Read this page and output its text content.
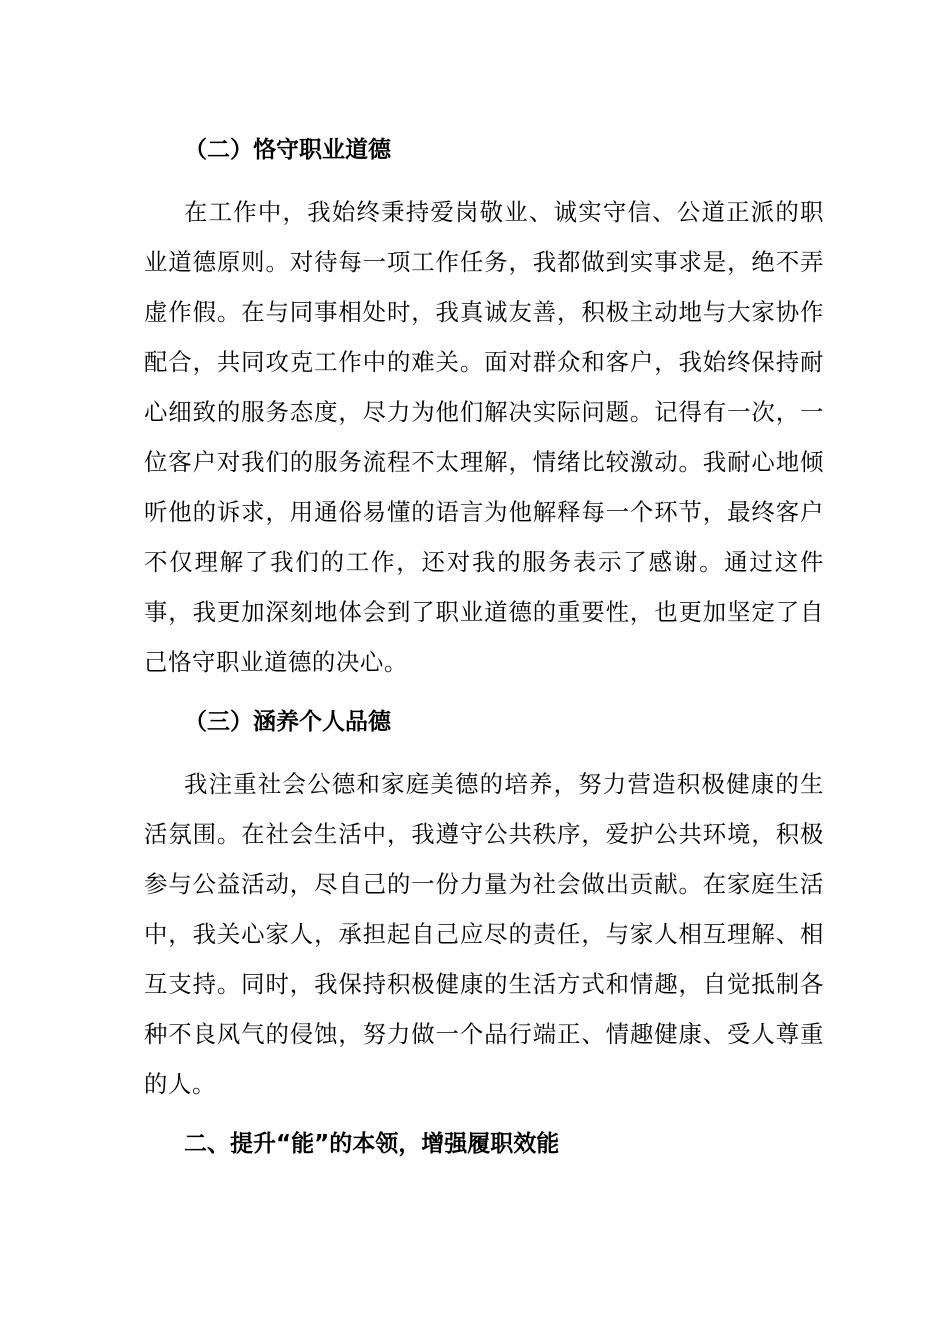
（二）恪守职业道德

在工作中，我始终秉持爱岗敬业、诚实守信、公道正派的职业道德原则。对待每一项工作任务，我都做到实事求是，绝不弄虚作假。在与同事相处时，我真诚友善，积极主动地与大家协作配合，共同攻克工作中的难关。面对群众和客户，我始终保持耐心细致的服务态度，尽力为他们解决实际问题。记得有一次，一位客户对我们的服务流程不太理解，情绪比较激动。我耐心地倾听他的诉求，用通俗易懂的语言为他解释每一个环节，最终客户不仅理解了我们的工作，还对我的服务表示了感谢。通过这件事，我更加深刻地体会到了职业道德的重要性，也更加坚定了自己恪守职业道德的决心。

（三）涵养个人品德

我注重社会公德和家庭美德的培养，努力营造积极健康的生活氛围。在社会生活中，我遵守公共秩序，爱护公共环境，积极参与公益活动，尽自己的一份力量为社会做出贡献。在家庭生活中，我关心家人，承担起自己应尽的责任，与家人相互理解、相互支持。同时，我保持积极健康的生活方式和情趣，自觉抵制各种不良风气的侵蚀，努力做一个品行端正、情趣健康、受人尊重的人。

二、提升“能”的本领，增强履职效能
